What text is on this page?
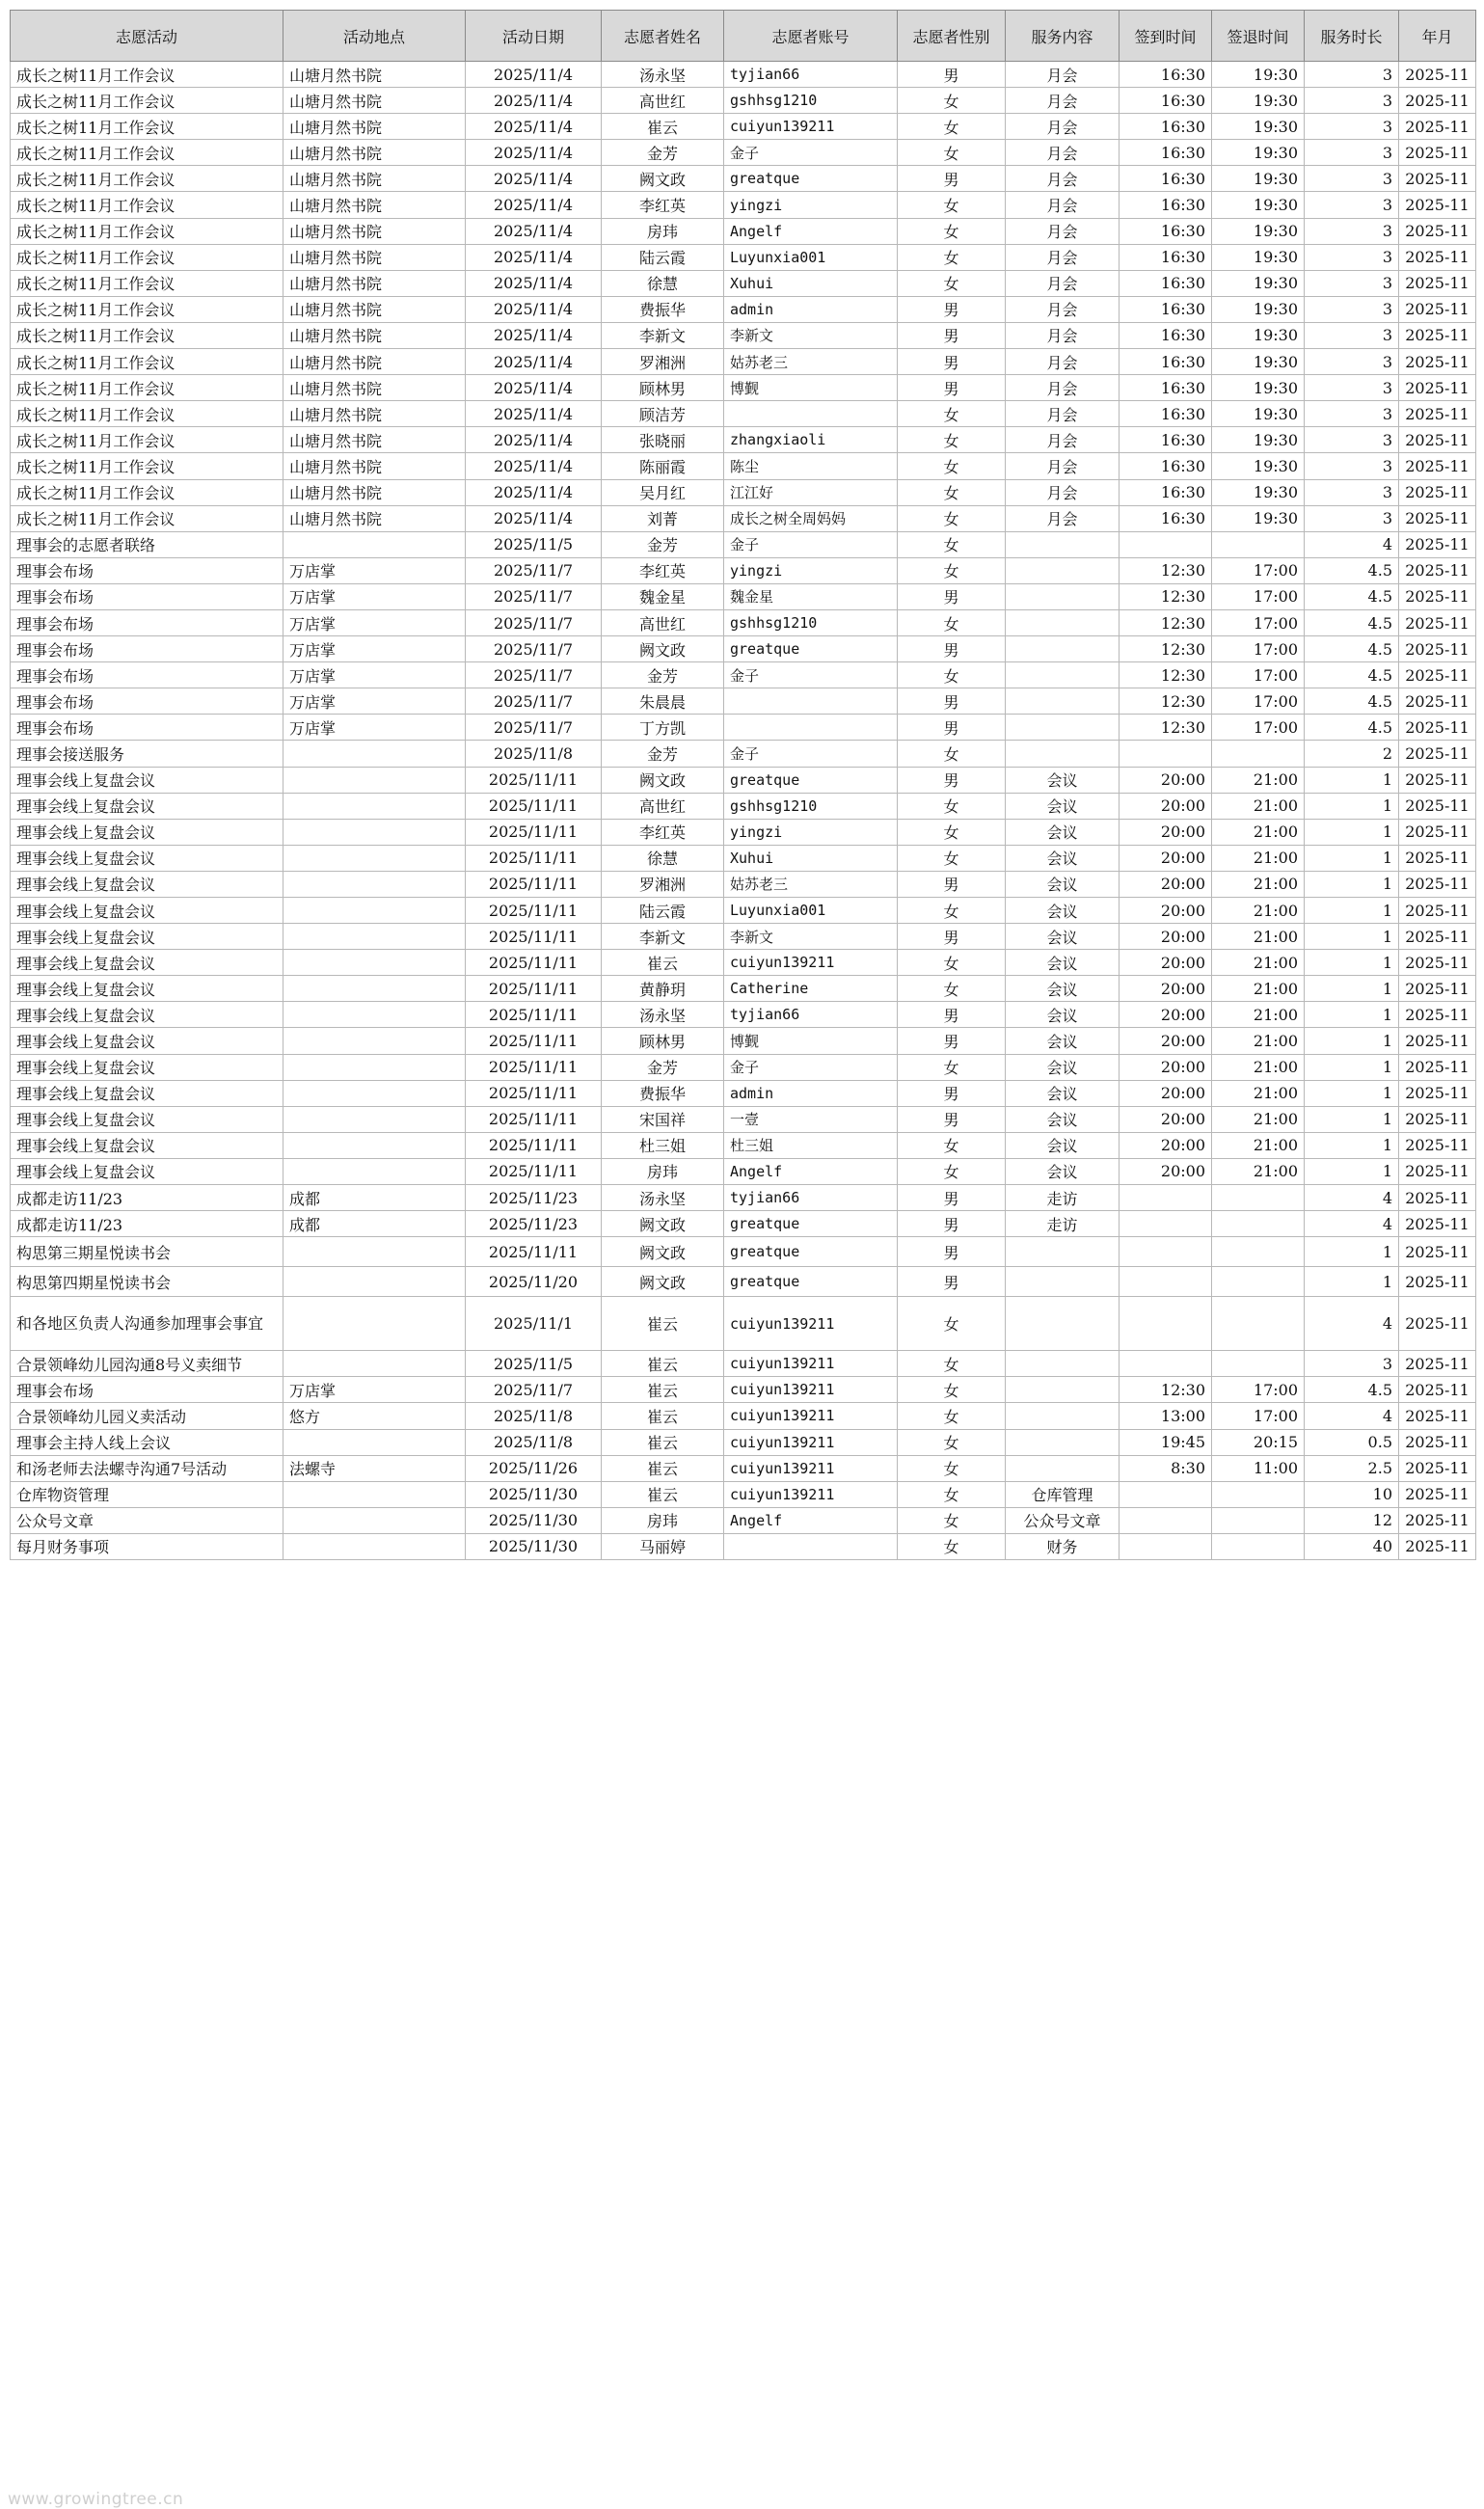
志愿活动	活动地点	活动日期	志愿者姓名	志愿者账号	志愿者性别	服务内容	签到时间	签退时间	服务时长	年月
成长之树11月工作会议	山塘月然书院	2025/11/4	汤永坚	tyjian66	男	月会	16:30	19:30	3	2025-11
成长之树11月工作会议	山塘月然书院	2025/11/4	高世红	gshhsg1210	女	月会	16:30	19:30	3	2025-11
成长之树11月工作会议	山塘月然书院	2025/11/4	崔云	cuiyun139211	女	月会	16:30	19:30	3	2025-11
成长之树11月工作会议	山塘月然书院	2025/11/4	金芳	金子	女	月会	16:30	19:30	3	2025-11
成长之树11月工作会议	山塘月然书院	2025/11/4	阙文政	greatque	男	月会	16:30	19:30	3	2025-11
成长之树11月工作会议	山塘月然书院	2025/11/4	李红英	yingzi	女	月会	16:30	19:30	3	2025-11
成长之树11月工作会议	山塘月然书院	2025/11/4	房玮	Angelf	女	月会	16:30	19:30	3	2025-11
成长之树11月工作会议	山塘月然书院	2025/11/4	陆云霞	Luyunxia001	女	月会	16:30	19:30	3	2025-11
成长之树11月工作会议	山塘月然书院	2025/11/4	徐慧	Xuhui	女	月会	16:30	19:30	3	2025-11
成长之树11月工作会议	山塘月然书院	2025/11/4	费振华	admin	男	月会	16:30	19:30	3	2025-11
成长之树11月工作会议	山塘月然书院	2025/11/4	李新文	李新文	男	月会	16:30	19:30	3	2025-11
成长之树11月工作会议	山塘月然书院	2025/11/4	罗湘洲	姑苏老三	男	月会	16:30	19:30	3	2025-11
成长之树11月工作会议	山塘月然书院	2025/11/4	顾林男	博觐	男	月会	16:30	19:30	3	2025-11
成长之树11月工作会议	山塘月然书院	2025/11/4	顾洁芳		女	月会	16:30	19:30	3	2025-11
成长之树11月工作会议	山塘月然书院	2025/11/4	张晓丽	zhangxiaoli	女	月会	16:30	19:30	3	2025-11
成长之树11月工作会议	山塘月然书院	2025/11/4	陈丽霞	陈尘	女	月会	16:30	19:30	3	2025-11
成长之树11月工作会议	山塘月然书院	2025/11/4	吴月红	江江好	女	月会	16:30	19:30	3	2025-11
成长之树11月工作会议	山塘月然书院	2025/11/4	刘菁	成长之树全周妈妈	女	月会	16:30	19:30	3	2025-11
理事会的志愿者联络		2025/11/5	金芳	金子	女				4	2025-11
理事会布场	万店掌	2025/11/7	李红英	yingzi	女		12:30	17:00	4.5	2025-11
理事会布场	万店掌	2025/11/7	魏金星	魏金星	男		12:30	17:00	4.5	2025-11
理事会布场	万店掌	2025/11/7	高世红	gshhsg1210	女		12:30	17:00	4.5	2025-11
理事会布场	万店掌	2025/11/7	阙文政	greatque	男		12:30	17:00	4.5	2025-11
理事会布场	万店掌	2025/11/7	金芳	金子	女		12:30	17:00	4.5	2025-11
理事会布场	万店掌	2025/11/7	朱晨晨		男		12:30	17:00	4.5	2025-11
理事会布场	万店掌	2025/11/7	丁方凯		男		12:30	17:00	4.5	2025-11
理事会接送服务		2025/11/8	金芳	金子	女				2	2025-11
理事会线上复盘会议		2025/11/11	阙文政	greatque	男	会议	20:00	21:00	1	2025-11
理事会线上复盘会议		2025/11/11	高世红	gshhsg1210	女	会议	20:00	21:00	1	2025-11
理事会线上复盘会议		2025/11/11	李红英	yingzi	女	会议	20:00	21:00	1	2025-11
理事会线上复盘会议		2025/11/11	徐慧	Xuhui	女	会议	20:00	21:00	1	2025-11
理事会线上复盘会议		2025/11/11	罗湘洲	姑苏老三	男	会议	20:00	21:00	1	2025-11
理事会线上复盘会议		2025/11/11	陆云霞	Luyunxia001	女	会议	20:00	21:00	1	2025-11
理事会线上复盘会议		2025/11/11	李新文	李新文	男	会议	20:00	21:00	1	2025-11
理事会线上复盘会议		2025/11/11	崔云	cuiyun139211	女	会议	20:00	21:00	1	2025-11
理事会线上复盘会议		2025/11/11	黄静玥	Catherine	女	会议	20:00	21:00	1	2025-11
理事会线上复盘会议		2025/11/11	汤永坚	tyjian66	男	会议	20:00	21:00	1	2025-11
理事会线上复盘会议		2025/11/11	顾林男	博觐	男	会议	20:00	21:00	1	2025-11
理事会线上复盘会议		2025/11/11	金芳	金子	女	会议	20:00	21:00	1	2025-11
理事会线上复盘会议		2025/11/11	费振华	admin	男	会议	20:00	21:00	1	2025-11
理事会线上复盘会议		2025/11/11	宋国祥	一壹	男	会议	20:00	21:00	1	2025-11
理事会线上复盘会议		2025/11/11	杜三姐	杜三姐	女	会议	20:00	21:00	1	2025-11
理事会线上复盘会议		2025/11/11	房玮	Angelf	女	会议	20:00	21:00	1	2025-11
成都走访11/23	成都	2025/11/23	汤永坚	tyjian66	男	走访			4	2025-11
成都走访11/23	成都	2025/11/23	阙文政	greatque	男	走访			4	2025-11
构思第三期星悦读书会		2025/11/11	阙文政	greatque	男				1	2025-11
构思第四期星悦读书会		2025/11/20	阙文政	greatque	男				1	2025-11
和各地区负责人沟通参加理事会事宜		2025/11/1	崔云	cuiyun139211	女				4	2025-11
合景领峰幼儿园沟通8号义卖细节		2025/11/5	崔云	cuiyun139211	女				3	2025-11
理事会布场	万店掌	2025/11/7	崔云	cuiyun139211	女		12:30	17:00	4.5	2025-11
合景领峰幼儿园义卖活动	悠方	2025/11/8	崔云	cuiyun139211	女		13:00	17:00	4	2025-11
理事会主持人线上会议		2025/11/8	崔云	cuiyun139211	女		19:45	20:15	0.5	2025-11
和汤老师去法螺寺沟通7号活动	法螺寺	2025/11/26	崔云	cuiyun139211	女		8:30	11:00	2.5	2025-11
仓库物资管理		2025/11/30	崔云	cuiyun139211	女	仓库管理			10	2025-11
公众号文章		2025/11/30	房玮	Angelf	女	公众号文章			12	2025-11
每月财务事项		2025/11/30	马丽婷		女	财务			40	2025-11
www.growingtree.cn
